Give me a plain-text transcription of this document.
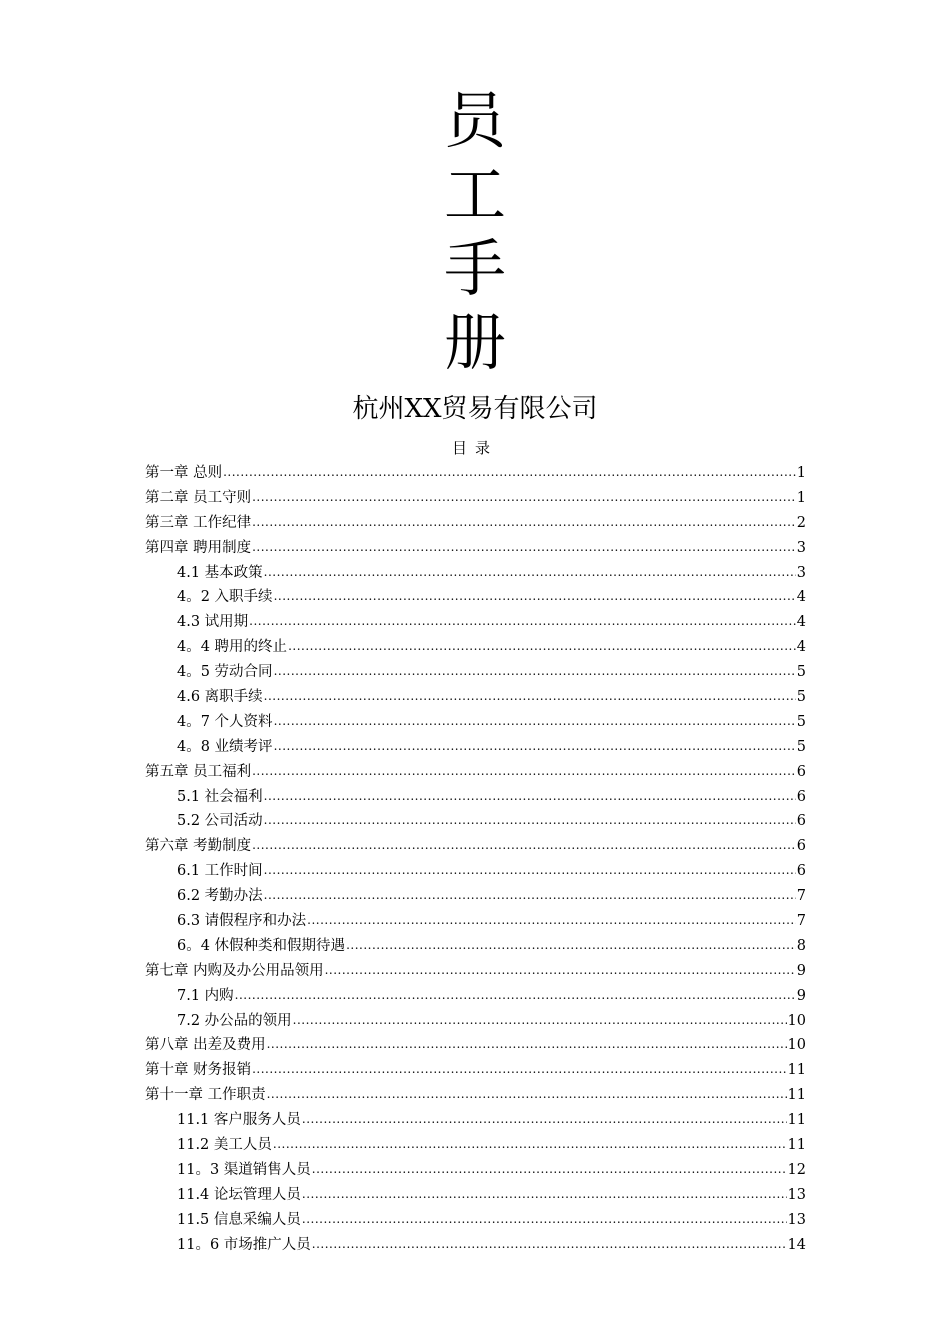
员
工
手
册
杭州XX贸易有限公司
目录
第一章 总则 .....	1
第二章 员工守则 .....	1
第三章 工作纪律 .....	2
第四章 聘用制度 .....	3
4.1 基本政策 .....	3
4。2 入职手续 .....	4
4.3 试用期 .....	4
4。4 聘用的终止 .....	4
4。5 劳动合同 .....	5
4.6 离职手续 .....	5
4。7 个人资料 .....	5
4。8 业绩考评 .....	5
第五章 员工福利 .....	6
5.1 社会福利 .....	6
5.2 公司活动 .....	6
第六章 考勤制度 .....	6
6.1 工作时间 .....	6
6.2 考勤办法 .....	7
6.3 请假程序和办法 .....	7
6。4 休假种类和假期待遇 .....	8
第七章 内购及办公用品领用 .....	9
7.1 内购 .....	9
7.2 办公品的领用 .....	10
第八章 出差及费用 .....	10
第十章 财务报销 .....	11
第十一章 工作职责 .....	11
11.1 客户服务人员 .....	11
11.2 美工人员 .....	11
11。3 渠道销售人员 .....	12
11.4 论坛管理人员 .....	13
11.5 信息采编人员 .....	13
11。6 市场推广人员 .....	14
